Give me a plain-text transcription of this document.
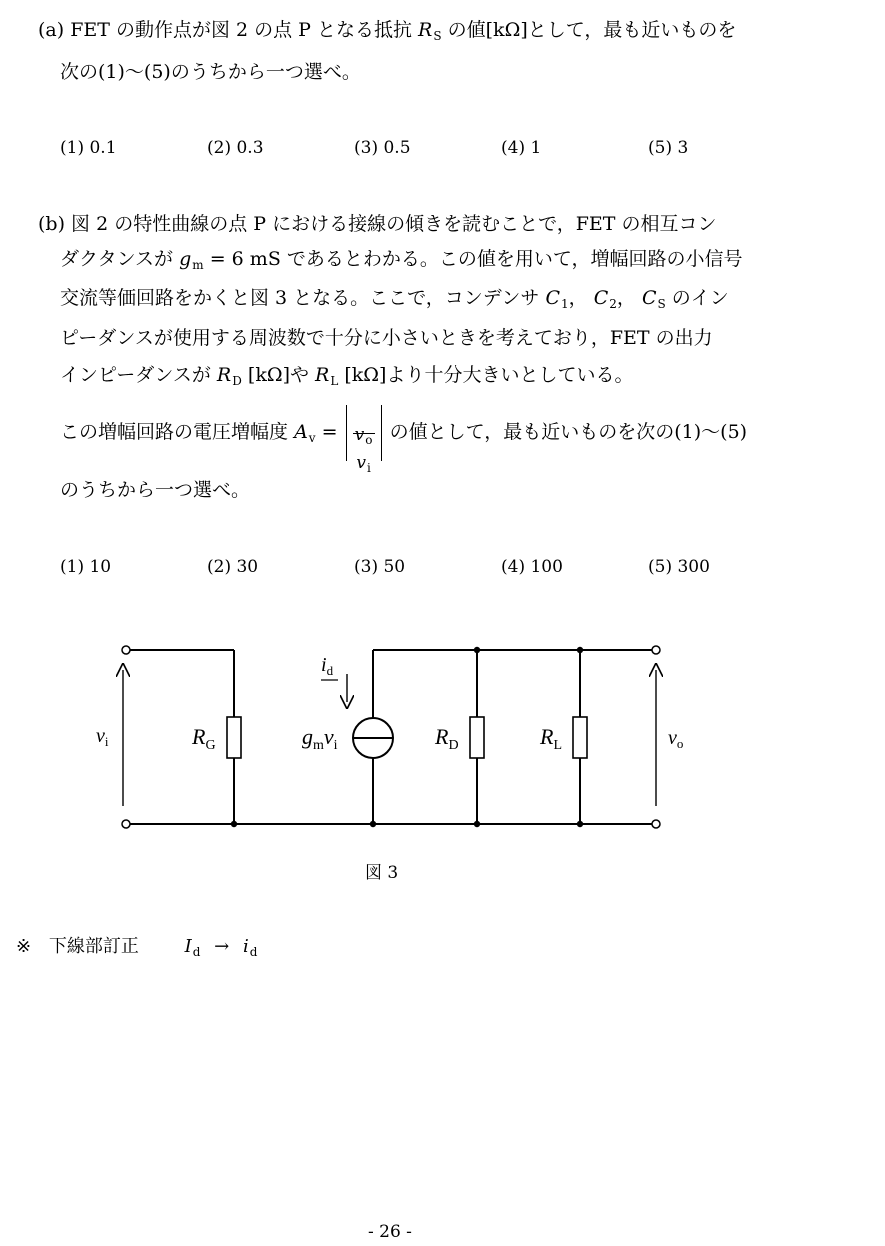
(a) FET の動作点が図 2 の点 P となる抵抗 $R_S$ の値[kΩ]として，最も近いものを
次の(1)～(5)のうちから一つ選べ。
(1) 0.1	(2) 0.3	(3) 0.5	(4) 1	(5) 3
(b) 図 2 の特性曲線の点 P における接線の傾きを読むことで，FET の相互コン
ダクタンスが $g_m = 6$ mS であるとわかる。この値を用いて，増幅回路の小信号
交流等価回路をかくと図 3 となる。ここで，コンデンサ $C_1$， $C_2$， $C_S$ のイン
ピーダンスが使用する周波数で十分に小さいときを考えており，FET の出力
インピーダンスが $R_D$ [kΩ]や $R_L$ [kΩ]より十分大きいとしている。
この増幅回路の電圧増幅度 $A_v$ =	$v_o$
$v_i$
の値として，最も近いものを次の(1)～(5)
のうちから一つ選べ。
(1) 10	(2) 30	(3) 50	(4) 100	(5) 300
$v_i$	$R_G$
$i_d$
$g_mv_i$	$R_D$	$R_L$	$v_o$
図 3
※ 下線部訂正	$I_d \to i_d$
- 26 -
